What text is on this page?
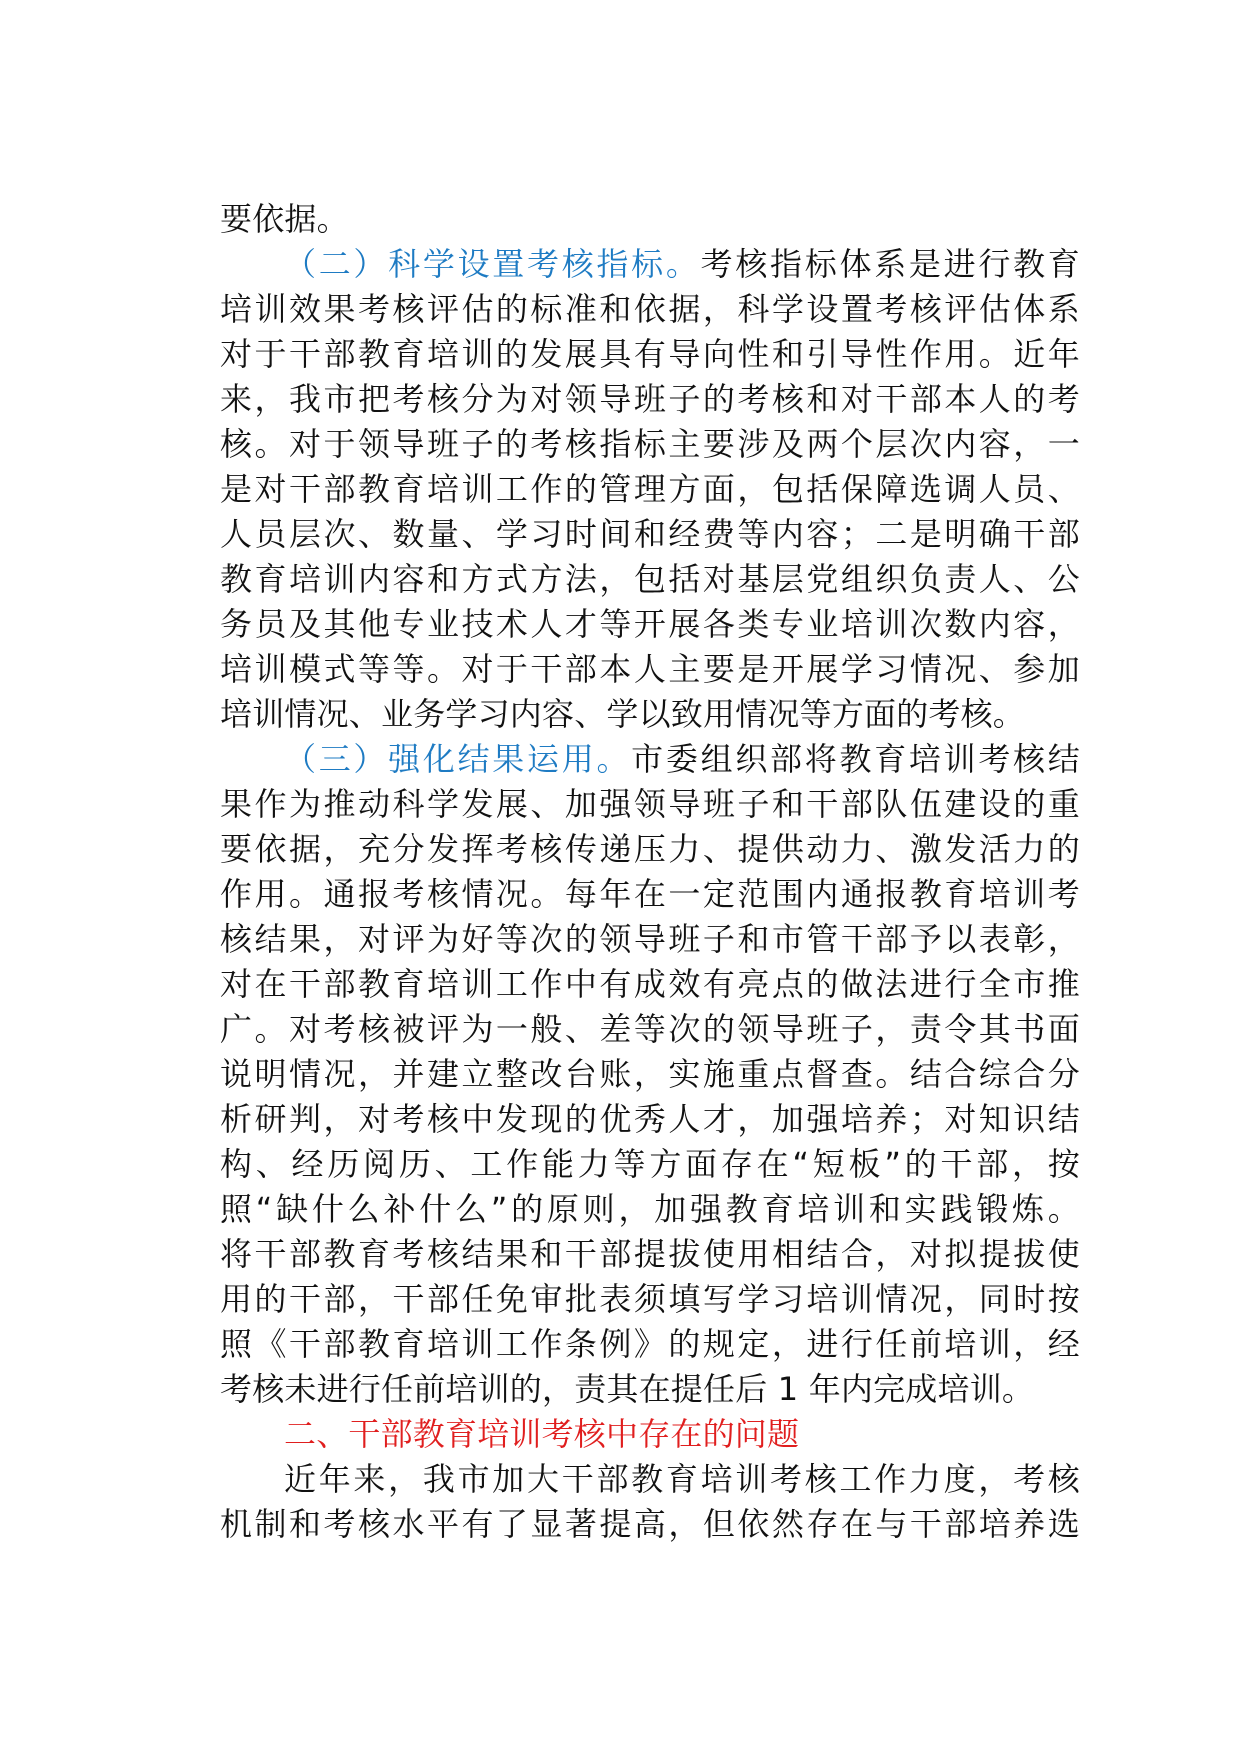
要依据。
（二）科学设置考核指标。考核指标体系是进行教育
培训效果考核评估的标准和依据，科学设置考核评估体系
对于干部教育培训的发展具有导向性和引导性作用。近年
来，我市把考核分为对领导班子的考核和对干部本人的考
核。对于领导班子的考核指标主要涉及两个层次内容，一
是对干部教育培训工作的管理方面，包括保障选调人员、
人员层次、数量、学习时间和经费等内容；二是明确干部
教育培训内容和方式方法，包括对基层党组织负责人、公
务员及其他专业技术人才等开展各类专业培训次数内容，
培训模式等等。对于干部本人主要是开展学习情况、参加
培训情况、业务学习内容、学以致用情况等方面的考核。
（三）强化结果运用。市委组织部将教育培训考核结
果作为推动科学发展、加强领导班子和干部队伍建设的重
要依据，充分发挥考核传递压力、提供动力、激发活力的
作用。通报考核情况。每年在一定范围内通报教育培训考
核结果，对评为好等次的领导班子和市管干部予以表彰，
对在干部教育培训工作中有成效有亮点的做法进行全市推
广。对考核被评为一般、差等次的领导班子，责令其书面
说明情况，并建立整改台账，实施重点督查。结合综合分
析研判，对考核中发现的优秀人才，加强培养；对知识结
构、经历阅历、工作能力等方面存在“短板”的干部，按
照“缺什么补什么”的原则，加强教育培训和实践锻炼。
将干部教育考核结果和干部提拔使用相结合，对拟提拔使
用的干部，干部任免审批表须填写学习培训情况，同时按
照《干部教育培训工作条例》的规定，进行任前培训，经
考核未进行任前培训的，责其在提任后 1 年内完成培训。
二、干部教育培训考核中存在的问题
近年来，我市加大干部教育培训考核工作力度，考核
机制和考核水平有了显著提高，但依然存在与干部培养选
